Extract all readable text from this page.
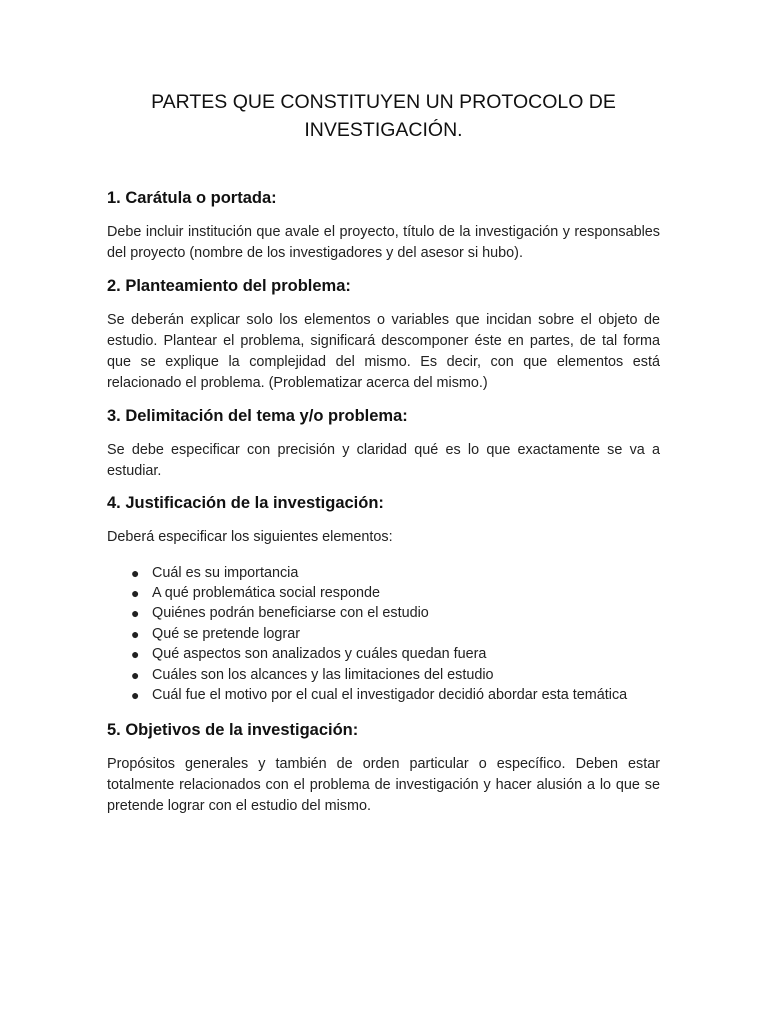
PARTES QUE CONSTITUYEN UN PROTOCOLO DE
INVESTIGACIÓN.
1. Carátula o portada:

Debe incluir institución que avale el proyecto, título de la investigación y responsables del proyecto (nombre de los investigadores y del asesor si hubo).

2. Planteamiento del problema:

Se deberán explicar solo los elementos o variables que incidan sobre el objeto de estudio. Plantear el problema, significará descomponer éste en partes, de tal forma que se explique la complejidad del mismo. Es decir, con que elementos está relacionado el problema. (Problematizar acerca del mismo.)

3. Delimitación del tema y/o problema:

Se debe especificar con precisión y claridad qué es lo que exactamente se va a estudiar.

4. Justificación de la investigación:

Deberá especificar los siguientes elementos:

● Cuál es su importancia
● A qué problemática social responde
● Quiénes podrán beneficiarse con el estudio
● Qué se pretende lograr
● Qué aspectos son analizados y cuáles quedan fuera
● Cuáles son los alcances y las limitaciones del estudio
● Cuál fue el motivo por el cual el investigador decidió abordar esta temática
5. Objetivos de la investigación:

Propósitos generales y también de orden particular o específico. Deben estar totalmente relacionados con el problema de investigación y hacer alusión a lo que se pretende lograr con el estudio del mismo.
